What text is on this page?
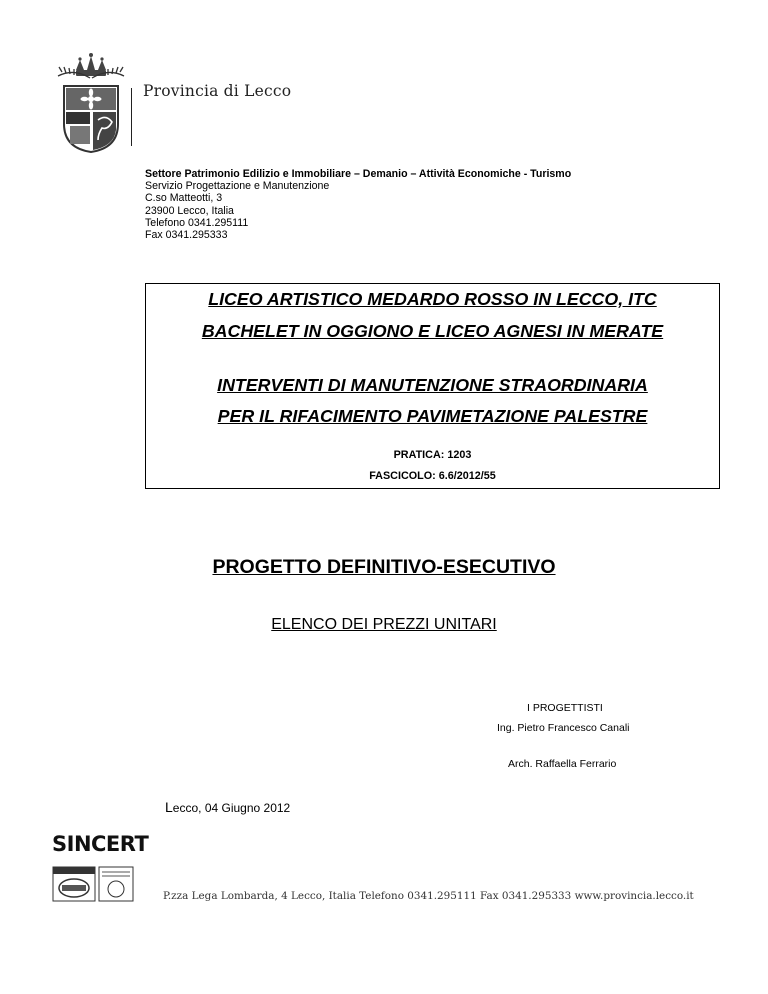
Provincia di Lecco
Settore Patrimonio Edilizio e Immobiliare – Demanio – Attività Economiche - Turismo
Servizio Progettazione e Manutenzione
C.so Matteotti, 3
23900 Lecco, Italia
Telefono 0341.295111
Fax 0341.295333
LICEO ARTISTICO MEDARDO ROSSO IN LECCO, ITC
BACHELET IN OGGIONO E LICEO AGNESI IN MERATE
INTERVENTI DI MANUTENZIONE STRAORDINARIA
PER IL RIFACIMENTO PAVIMETAZIONE PALESTRE
PRATICA: 1203
FASCICOLO: 6.6/2012/55
PROGETTO DEFINITIVO-ESECUTIVO
ELENCO DEI PREZZI UNITARI
I PROGETTISTI
Ing. Pietro Francesco Canali
Arch. Raffaella Ferrario
Lecco, 04 Giugno 2012
SINCERT
P.zza Lega Lombarda, 4 Lecco, Italia Telefono 0341.295111 Fax 0341.295333 www.provincia.lecco.it
